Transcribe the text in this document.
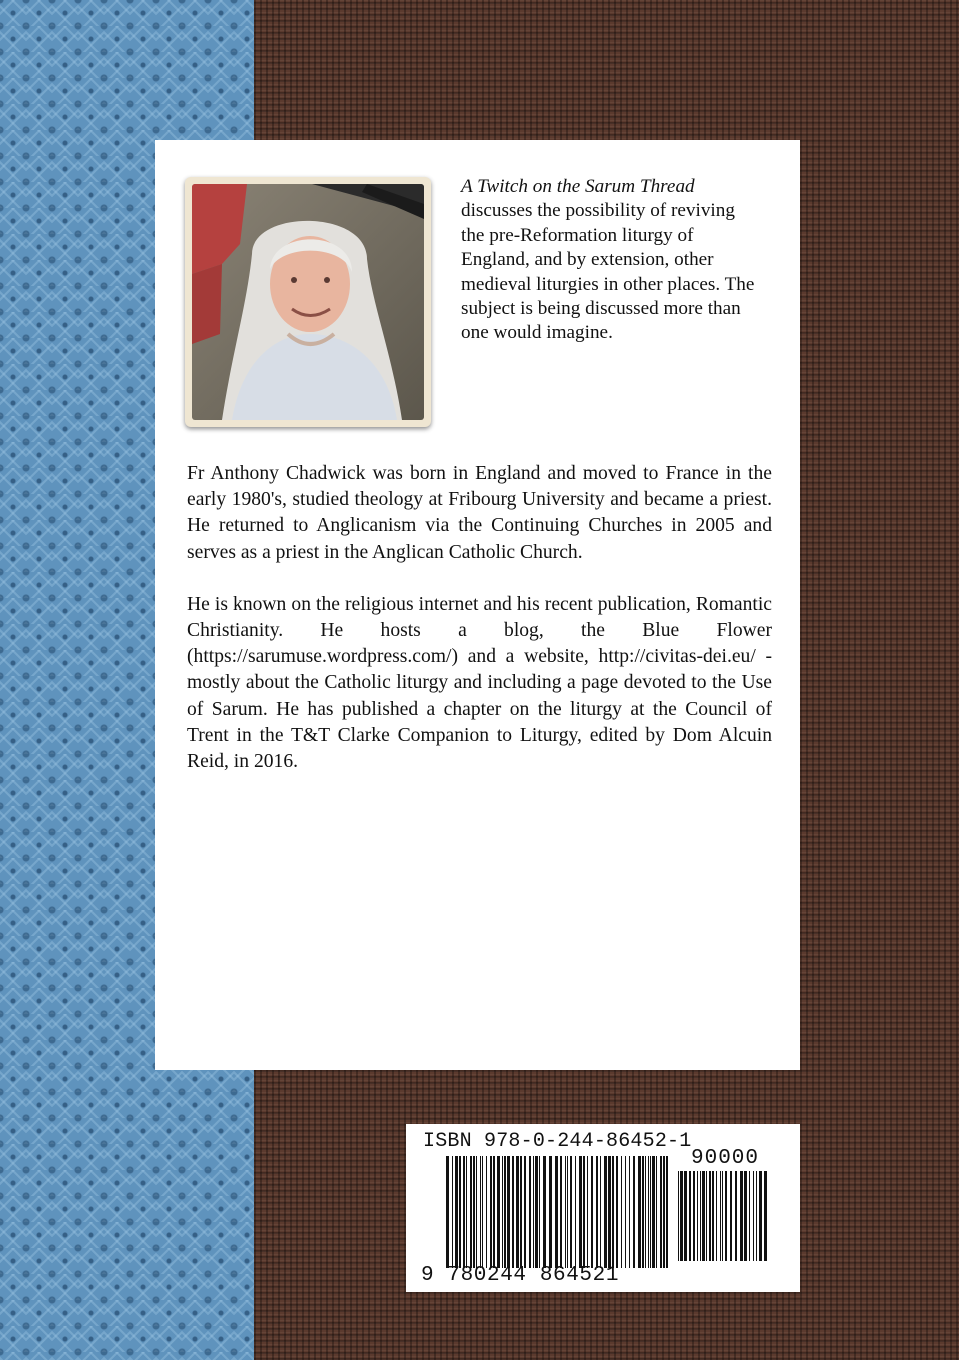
A Twitch on the Sarum Thread
discusses the possibility of reviving the pre-Reformation liturgy of England, and by extension, other medieval liturgies in other places. The subject is being discussed more than one would imagine.

Fr Anthony Chadwick was born in England and moved to France in the early 1980's, studied theology at Fribourg University and became a priest. He returned to Anglicanism via the Continuing Churches in 2005 and serves as a priest in the Anglican Catholic Church.

He is known on the religious internet and his recent publication, Romantic Christianity. He hosts a blog, the Blue Flower (https://sarumuse.wordpress.com/) and a website, http://civitas-dei.eu/ - mostly about the Catholic liturgy and including a page devoted to the Use of Sarum. He has published a chapter on the liturgy at the Council of Trent in the T&T Clarke Companion to Liturgy, edited by Dom Alcuin Reid, in 2016.

ISBN 978-0-244-86452-1
90000
9 780244 864521
